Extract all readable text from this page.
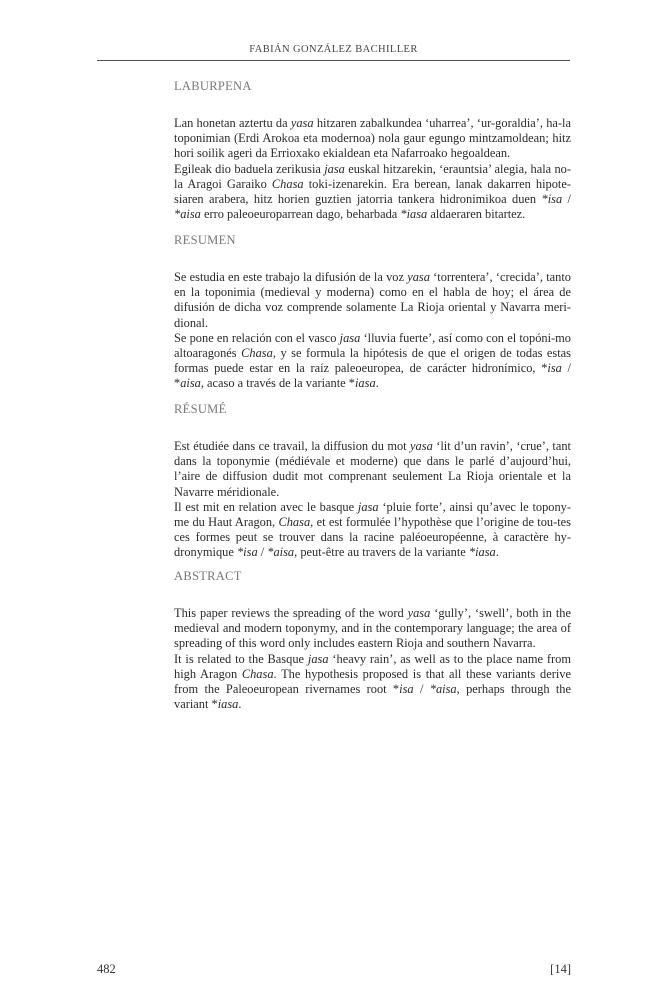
FABIÁN GONZÁLEZ BACHILLER
LABURPENA

Lan honetan aztertu da yasa hitzaren zabalkundea ‘uharrea’, ‘ur-goraldia’, ha-la toponimian (Erdi Arokoa eta modernoa) nola gaur egungo mintzamoldean; hitz hori soilik ageri da Errioxako ekialdean eta Nafarroako hegoaldean.

Egileak dio baduela zerikusia jasa euskal hitzarekin, ‘erauntsia’ alegia, hala no-la Aragoi Garaiko Chasa toki-izenarekin. Era berean, lanak dakarren hipote-siaren arabera, hitz horien guztien jatorria tankera hidronimikoa duen *isa / *aisa erro paleoeuroparrean dago, beharbada *iasa aldaeraren bitartez.

RESUMEN

Se estudia en este trabajo la difusión de la voz yasa ‘torrentera’, ‘crecida’, tanto en la toponimia (medieval y moderna) como en el habla de hoy; el área de difusión de dicha voz comprende solamente La Rioja oriental y Navarra meri-dional.

Se pone en relación con el vasco jasa ‘lluvia fuerte’, así como con el topóni-mo altoaragonés Chasa, y se formula la hipótesis de que el origen de todas estas formas puede estar en la raíz paleoeuropea, de carácter hidronímico, *isa / *aisa, acaso a través de la variante *iasa.

RÉSUMÉ

Est étudiée dans ce travail, la diffusion du mot yasa ‘lit d’un ravin’, ‘crue’, tant dans la toponymie (médiévale et moderne) que dans le parlé d’aujourd’hui, l’aire de diffusion dudit mot comprenant seulement La Rioja orientale et la Navarre méridionale.

Il est mit en relation avec le basque jasa ‘pluie forte’, ainsi qu’avec le topony-me du Haut Aragon, Chasa, et est formulée l’hypothèse que l’origine de tou-tes ces formes peut se trouver dans la racine paléoeuropéenne, à caractère hy-dronymique *isa / *aisa, peut-être au travers de la variante *iasa.

ABSTRACT

This paper reviews the spreading of the word yasa ‘gully’, ‘swell’, both in the medieval and modern toponymy, and in the contemporary language; the area of spreading of this word only includes eastern Rioja and southern Navarra.

It is related to the Basque jasa ‘heavy rain’, as well as to the place name from high Aragon Chasa. The hypothesis proposed is that all these variants derive from the Paleoeuropean rivernames root *isa / *aisa, perhaps through the variant *iasa.

482	[14]
